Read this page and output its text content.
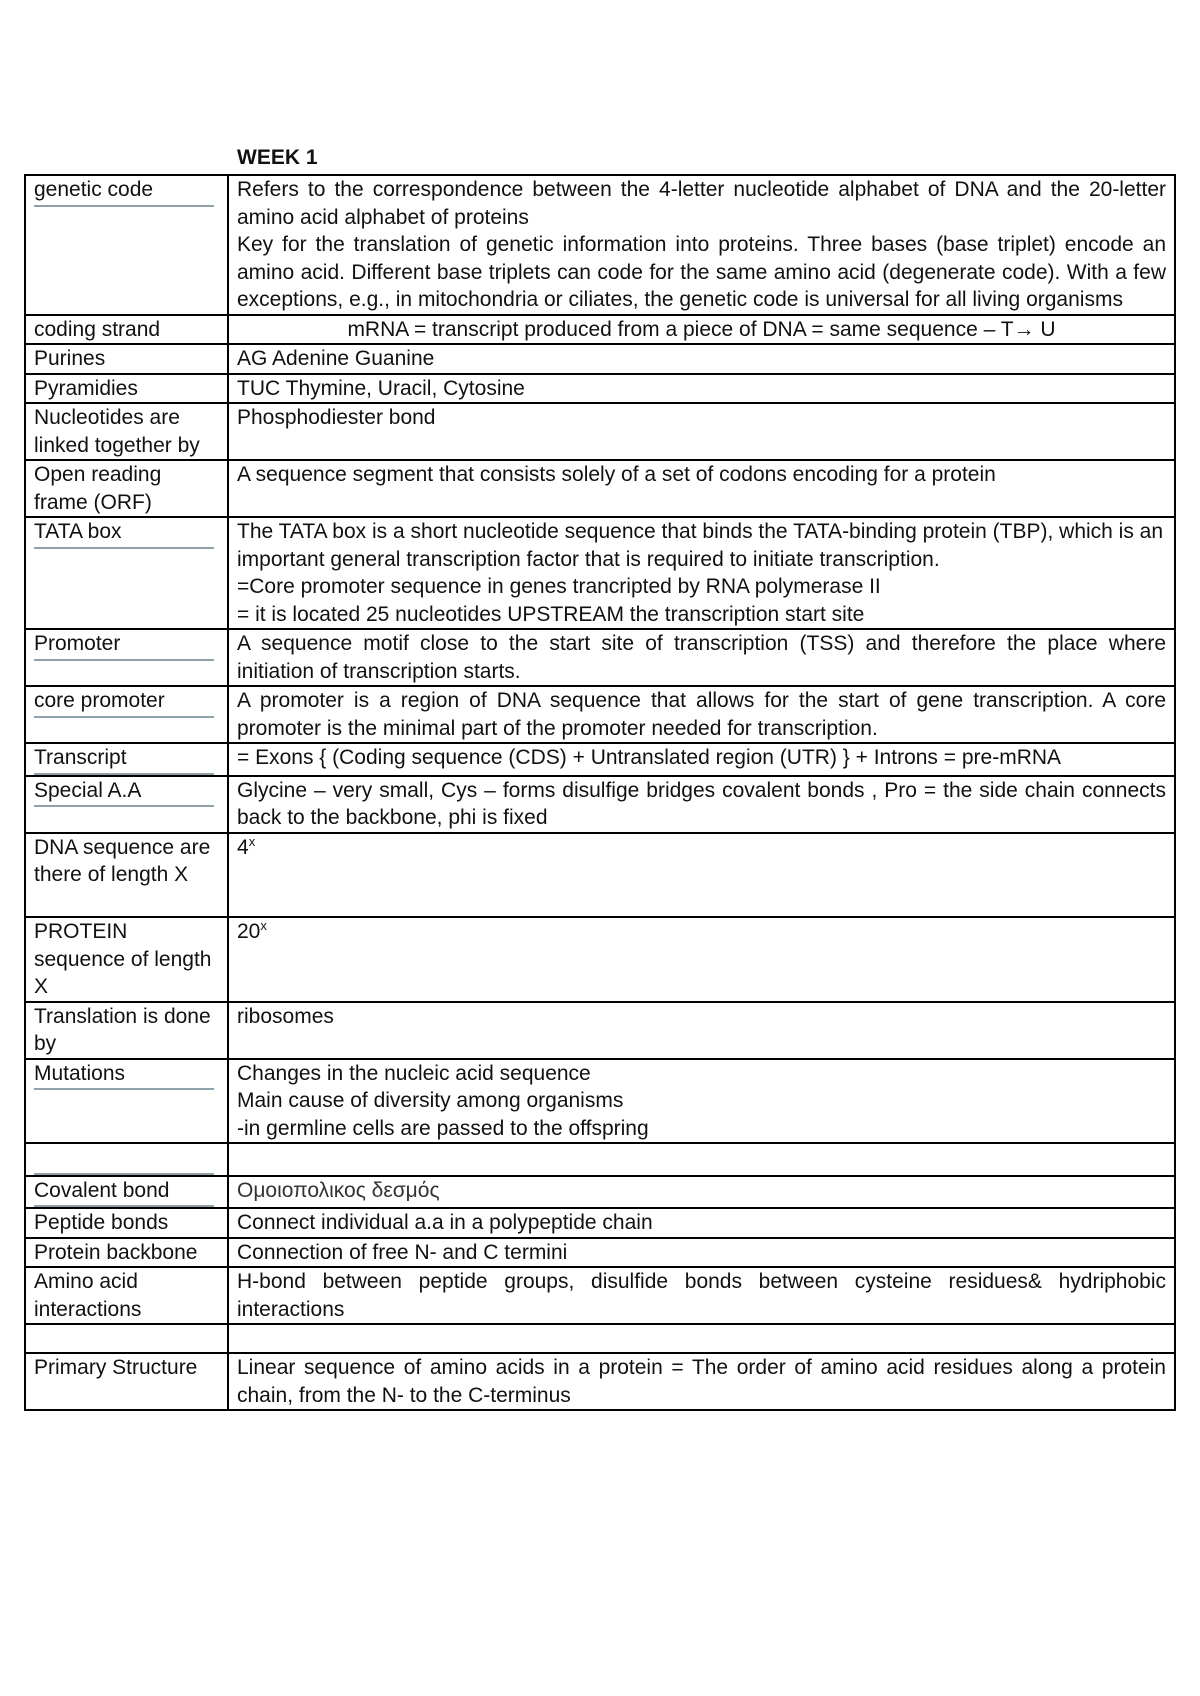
WEEK 1
genetic code	Refers to the correspondence between the 4-letter nucleotide alphabet of DNA and the 20-letter amino acid alphabet of proteins
Key for the translation of genetic information into proteins. Three bases (base triplet) encode an amino acid. Different base triplets can code for the same amino acid (degenerate code). With a few exceptions, e.g., in mitochondria or ciliates, the genetic code is universal for all living organisms

coding strand	mRNA = transcript produced from a piece of DNA = same sequence – T→ U

Purines	AG Adenine Guanine

Pyramidies	TUC Thymine, Uracil, Cytosine

Nucleotides are linked together by	Phosphodiester bond

Open reading frame (ORF)	A sequence segment that consists solely of a set of codons encoding for a protein

TATA box	The TATA box is a short nucleotide sequence that binds the TATA-binding protein (TBP), which is an
important general transcription factor that is required to initiate transcription.
=Core promoter sequence in genes trancripted by RNA polymerase II
= it is located 25 nucleotides UPSTREAM the transcription start site

Promoter	A sequence motif close to the start site of transcription (TSS) and therefore the place where initiation of transcription starts.

core promoter	A promoter is a region of DNA sequence that allows for the start of gene transcription. A core promoter is the minimal part of the promoter needed for transcription.

Transcript	= Exons { (Coding sequence (CDS) + Untranslated region (UTR) } + Introns = pre-mRNA

Special A.A	Glycine – very small, Cys – forms disulfige bridges covalent bonds , Pro = the side chain connects back to the backbone, phi is fixed

DNA sequence are there of length X	4$^x$

PROTEIN sequence of length X	20$^x$
Translation is done by	ribosomes

Mutations	Changes in the nucleic acid sequence
Main cause of diversity among organisms
-in germline cells are passed to the offspring

Covalent bond	Ομοιοπολικος δεσμός

Peptide bonds	Connect individual a.a in a polypeptide chain

Protein backbone	Connection of free N- and C termini

Amino acid interactions	H-bond between peptide groups, disulfide bonds between cysteine residues& hydriphobic interactions

Primary Structure	Linear sequence of amino acids in a protein = The order of amino acid residues along a protein chain, from the N- to the C-terminus
